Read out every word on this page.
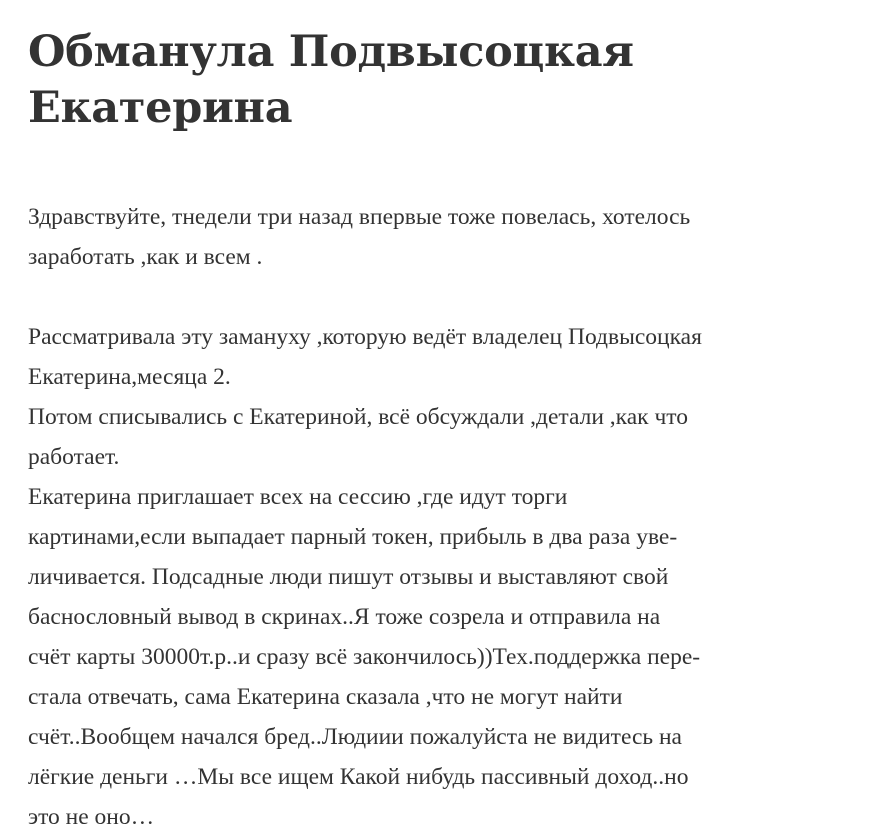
Обманула Подвысоцкая
Екатерина

Здравствуйте, тнедели три назад впервые тоже повелась, хотелось
заработать ,как и всем .

Рассматривала эту замануху ,которую ведёт владелец Подвысоцкая
Екатерина,месяца 2.
Потом списывались с Екатериной, всё обсуждали ,детали ,как что
работает.
Екатерина приглашает всех на сессию ,где идут торги
картинами,если выпадает парный токен, прибыль в два раза уве-
личивается. Подсадные люди пишут отзывы и выставляют свой
баснословный вывод в скринах..Я тоже созрела и отправила на
счёт карты 30000т.р..и сразу всё закончилось))Тех.поддержка пере-
стала отвечать, сама Екатерина сказала ,что не могут найти
счёт..Вообщем начался бред..Людиии пожалуйста не видитесь на
лёгкие деньги …Мы все ищем Какой нибудь пассивный доход..но
это не оно…
